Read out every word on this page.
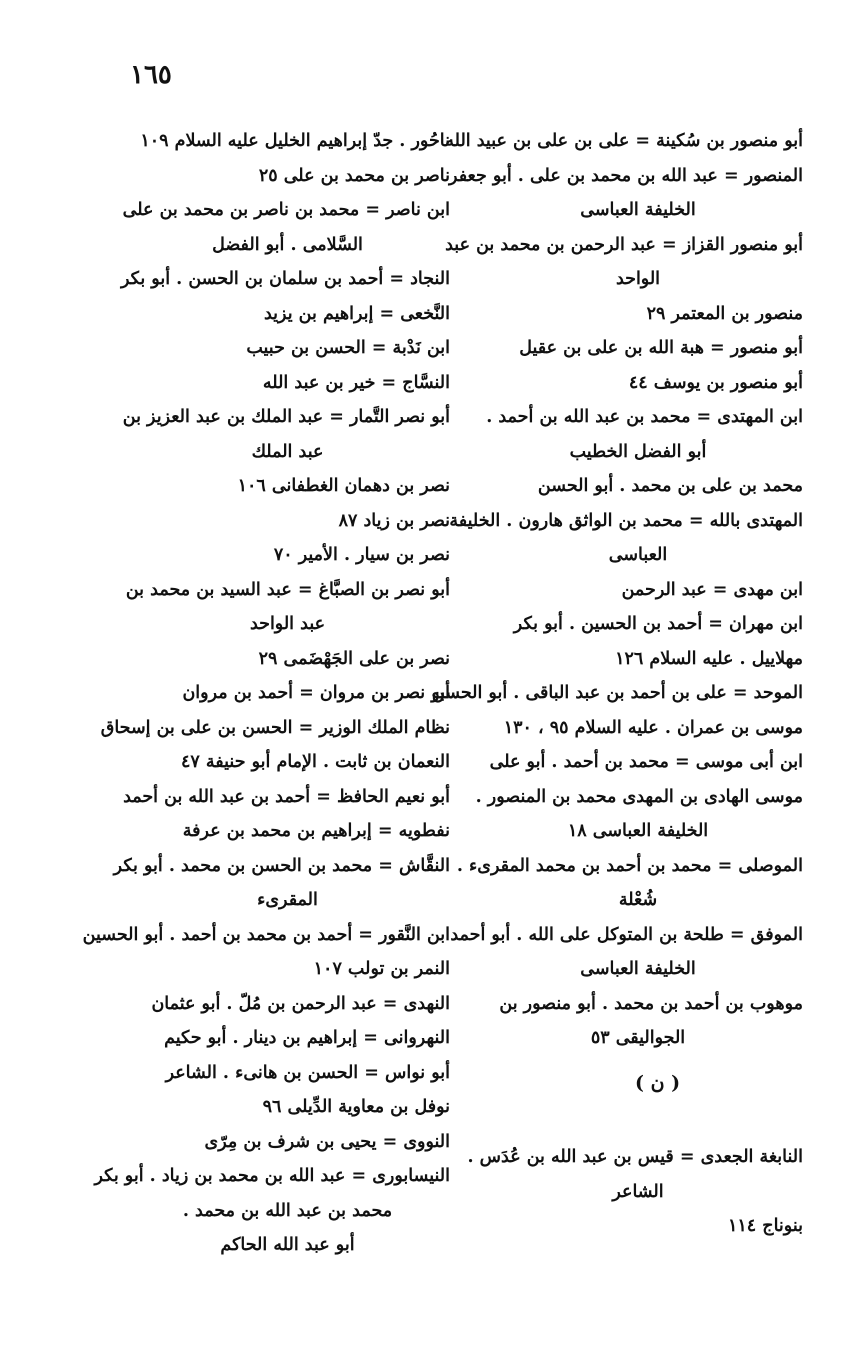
١٦٥
أبو منصور بن سُكينة = على بن على بن عبيد الله
المنصور = عبد الله بن محمد بن على . أبو جعفر
الخليفة العباسى
أبو منصور القزاز = عبد الرحمن بن محمد بن عبد
الواحد
منصور بن المعتمر ٢٩
أبو منصور = هبة الله بن على بن عقيل
أبو منصور بن يوسف ٤٤
ابن المهتدى = محمد بن عبد الله بن أحمد .
أبو الفضل الخطيب
محمد بن على بن محمد . أبو الحسن
المهتدى بالله = محمد بن الواثق هارون . الخليفة
العباسى
ابن مهدى = عبد الرحمن
ابن مهران = أحمد بن الحسين . أبو بكر
مهلاييل . عليه السلام ١٢٦
الموحد = على بن أحمد بن عبد الباقى . أبو الحسن
موسى بن عمران . عليه السلام ٩٥ ، ١٣٠
ابن أبى موسى = محمد بن أحمد . أبو على
موسى الهادى بن المهدى محمد بن المنصور .
الخليفة العباسى ١٨
الموصلى = محمد بن أحمد بن محمد المقرىء .
شُعْلة
الموفق = طلحة بن المتوكل على الله . أبو أحمد
الخليفة العباسى
موهوب بن أحمد بن محمد . أبو منصور بن
الجواليقى ٥٣
( ن )
النابغة الجعدى = قيس بن عبد الله بن عُدَس .
الشاعر
بنوناج ١١٤
ناحُور . جدّ إبراهيم الخليل عليه السلام ١٠٩
ناصر بن محمد بن على ٢٥
ابن ناصر = محمد بن ناصر بن محمد بن على
السَّلامى . أبو الفضل
النجاد = أحمد بن سلمان بن الحسن . أبو بكر
النَّخعى = إبراهيم بن يزيد
ابن نَدْبة = الحسن بن حبيب
النسَّاج = خير بن عبد الله
أبو نصر التَّمار = عبد الملك بن عبد العزيز بن
عبد الملك
نصر بن دهمان الغطفانى ١٠٦
نصر بن زياد ٨٧
نصر بن سيار . الأمير ٧٠
أبو نصر بن الصبَّاغ = عبد السيد بن محمد بن
عبد الواحد
نصر بن على الجَهْضَمى ٢٩
أبو نصر بن مروان = أحمد بن مروان
نظام الملك الوزير = الحسن بن على بن إسحاق
النعمان بن ثابت . الإمام أبو حنيفة ٤٧
أبو نعيم الحافظ = أحمد بن عبد الله بن أحمد
نفطويه = إبراهيم بن محمد بن عرفة
النقَّاش = محمد بن الحسن بن محمد . أبو بكر
المقرىء
ابن النَّقور = أحمد بن محمد بن أحمد . أبو الحسين
النمر بن تولب ١٠٧
النهدى = عبد الرحمن بن مُلّ . أبو عثمان
النهروانى = إبراهيم بن دينار . أبو حكيم
أبو نواس = الحسن بن هانىء . الشاعر
نوفل بن معاوية الدِّيلى ٩٦
النووى = يحيى بن شرف بن مِرّى
النيسابورى = عبد الله بن محمد بن زياد . أبو بكر
محمد بن عبد الله بن محمد .
أبو عبد الله الحاكم
